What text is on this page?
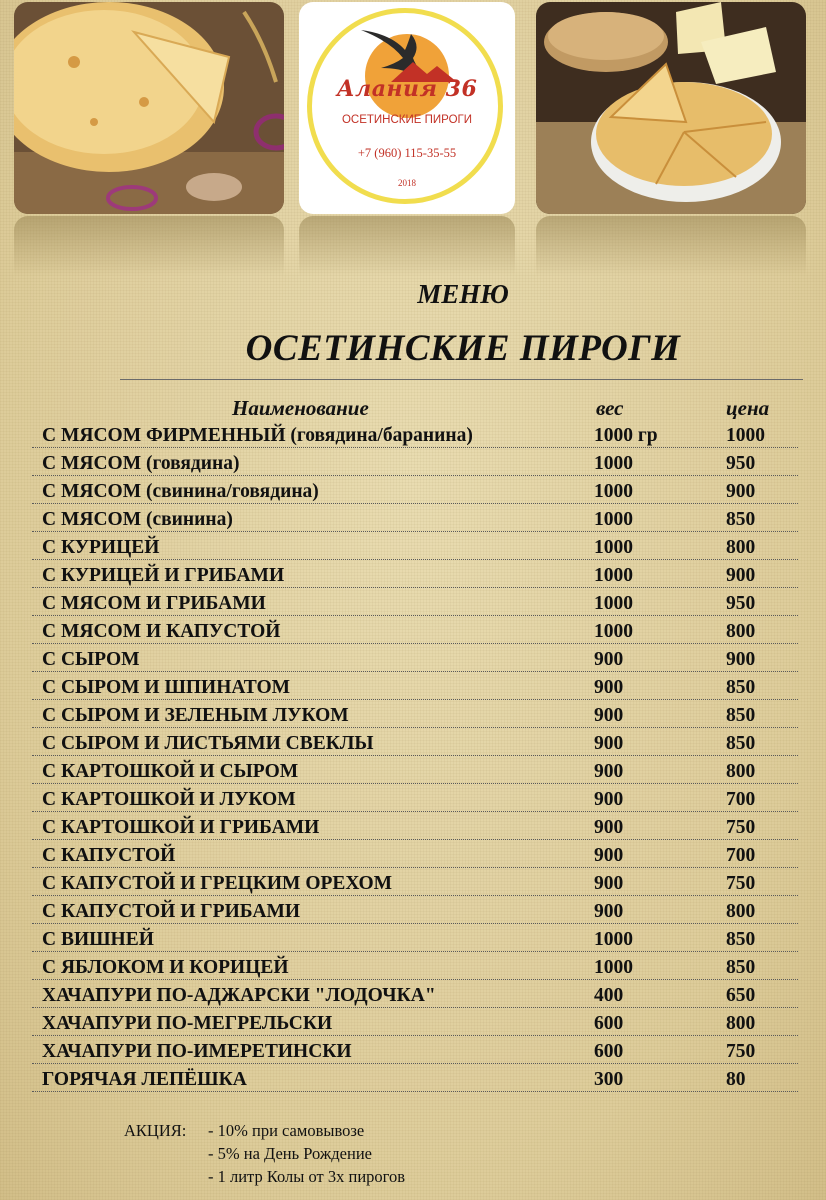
Алания 36
ОСЕТИНСКИЕ ПИРОГИ
+7 (960) 115-35-55
2018
МЕНЮ
ОСЕТИНСКИЕ ПИРОГИ
Наименование	вес	цена
С МЯСОМ ФИРМЕННЫЙ (говядина/баранина)	1000 гр	1000
С МЯСОМ (говядина)	1000	950
С МЯСОМ (свинина/говядина)	1000	900
С МЯСОМ (свинина)	1000	850
С КУРИЦЕЙ	1000	800
С КУРИЦЕЙ И ГРИБАМИ	1000	900
С МЯСОМ И ГРИБАМИ	1000	950
С МЯСОМ И КАПУСТОЙ	1000	800
С СЫРОМ	900	900
С СЫРОМ И ШПИНАТОМ	900	850
С СЫРОМ И ЗЕЛЕНЫМ ЛУКОМ	900	850
С СЫРОМ И ЛИСТЬЯМИ СВЕКЛЫ	900	850
С КАРТОШКОЙ И СЫРОМ	900	800
С КАРТОШКОЙ И ЛУКОМ	900	700
С КАРТОШКОЙ И ГРИБАМИ	900	750
С КАПУСТОЙ	900	700
С КАПУСТОЙ И ГРЕЦКИМ ОРЕХОМ	900	750
С КАПУСТОЙ И ГРИБАМИ	900	800
С ВИШНЕЙ	1000	850
С ЯБЛОКОМ И КОРИЦЕЙ	1000	850
ХАЧАПУРИ ПО-АДЖАРСКИ "ЛОДОЧКА"	400	650
ХАЧАПУРИ ПО-МЕГРЕЛЬСКИ	600	800
ХАЧАПУРИ ПО-ИМЕРЕТИНСКИ	600	750
ГОРЯЧАЯ ЛЕПЁШКА	300	80
АКЦИЯ: - 10% при самовывозе
- 5% на День Рождение
- 1 литр Колы от 3х пирогов
